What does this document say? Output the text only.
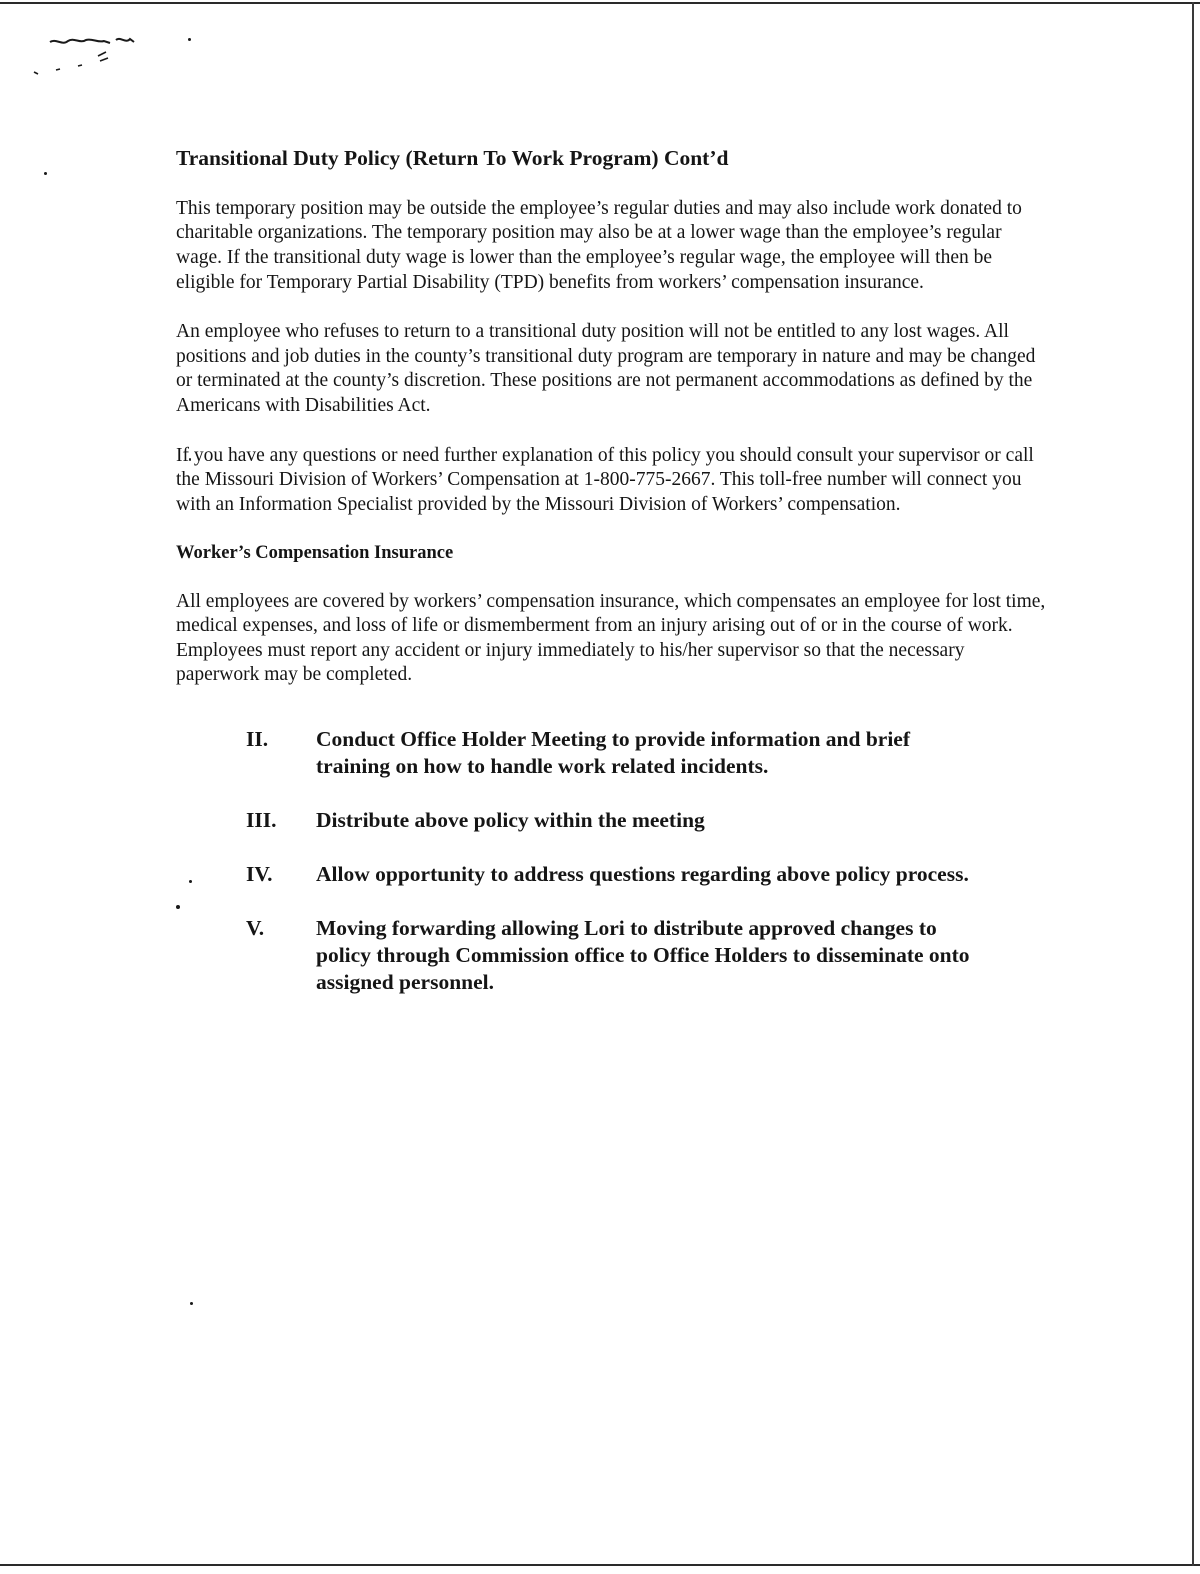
Transitional Duty Policy (Return To Work Program) Cont’d

This temporary position may be outside the employee’s regular duties and may also include work donated to charitable organizations. The temporary position may also be at a lower wage than the employee’s regular wage. If the transitional duty wage is lower than the employee’s regular wage, the employee will then be eligible for Temporary Partial Disability (TPD) benefits from workers’ compensation insurance.

An employee who refuses to return to a transitional duty position will not be entitled to any lost wages. All positions and job duties in the county’s transitional duty program are temporary in nature and may be changed or terminated at the county’s discretion. These positions are not permanent accommodations as defined by the Americans with Disabilities Act.

If you have any questions or need further explanation of this policy you should consult your supervisor or call the Missouri Division of Workers’ Compensation at 1-800-775-2667. This toll-free number will connect you with an Information Specialist provided by the Missouri Division of Workers’ compensation.

Worker’s Compensation Insurance

All employees are covered by workers’ compensation insurance, which compensates an employee for lost time, medical expenses, and loss of life or dismemberment from an injury arising out of or in the course of work. Employees must report any accident or injury immediately to his/her supervisor so that the necessary paperwork may be completed.

II.	Conduct Office Holder Meeting to provide information and brief training on how to handle work related incidents.
III.	Distribute above policy within the meeting
IV.	Allow opportunity to address questions regarding above policy process.
V.	Moving forwarding allowing Lori to distribute approved changes to policy through Commission office to Office Holders to disseminate onto assigned personnel.
